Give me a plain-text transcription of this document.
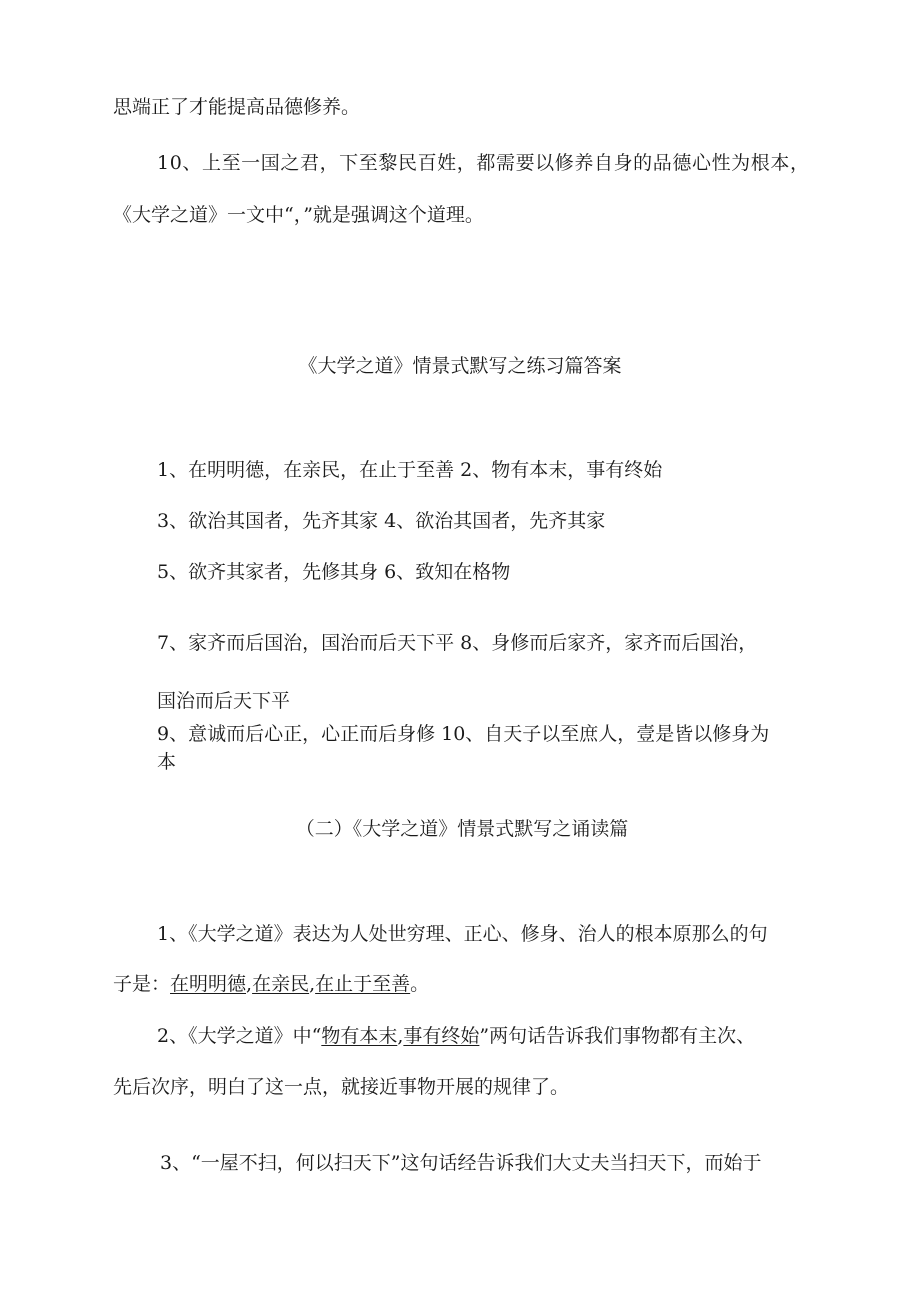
思端正了才能提高品德修养。
10、上至一国之君，下至黎民百姓，都需要以修养自身的品德心性为根本，
《大学之道》一文中“，”就是强调这个道理。
《大学之道》情景式默写之练习篇答案
1、在明明德，在亲民，在止于至善 2、物有本末，事有终始
3、欲治其国者，先齐其家 4、欲治其国者，先齐其家
5、欲齐其家者，先修其身 6、致知在格物
7、家齐而后国治，国治而后天下平 8、身修而后家齐，家齐而后国治，
国治而后天下平
9、意诚而后心正，心正而后身修 10、自天子以至庶人，壹是皆以修身为
本
（二）《大学之道》情景式默写之诵读篇
1、《大学之道》表达为人处世穷理、正心、修身、治人的根本原那么的句
子是：在明明德,在亲民,在止于至善。
2、《大学之道》中“物有本末,事有终始”两句话告诉我们事物都有主次、
先后次序，明白了这一点，就接近事物开展的规律了。
3、“一屋不扫，何以扫天下”这句话经告诉我们大丈夫当扫天下，而始于
